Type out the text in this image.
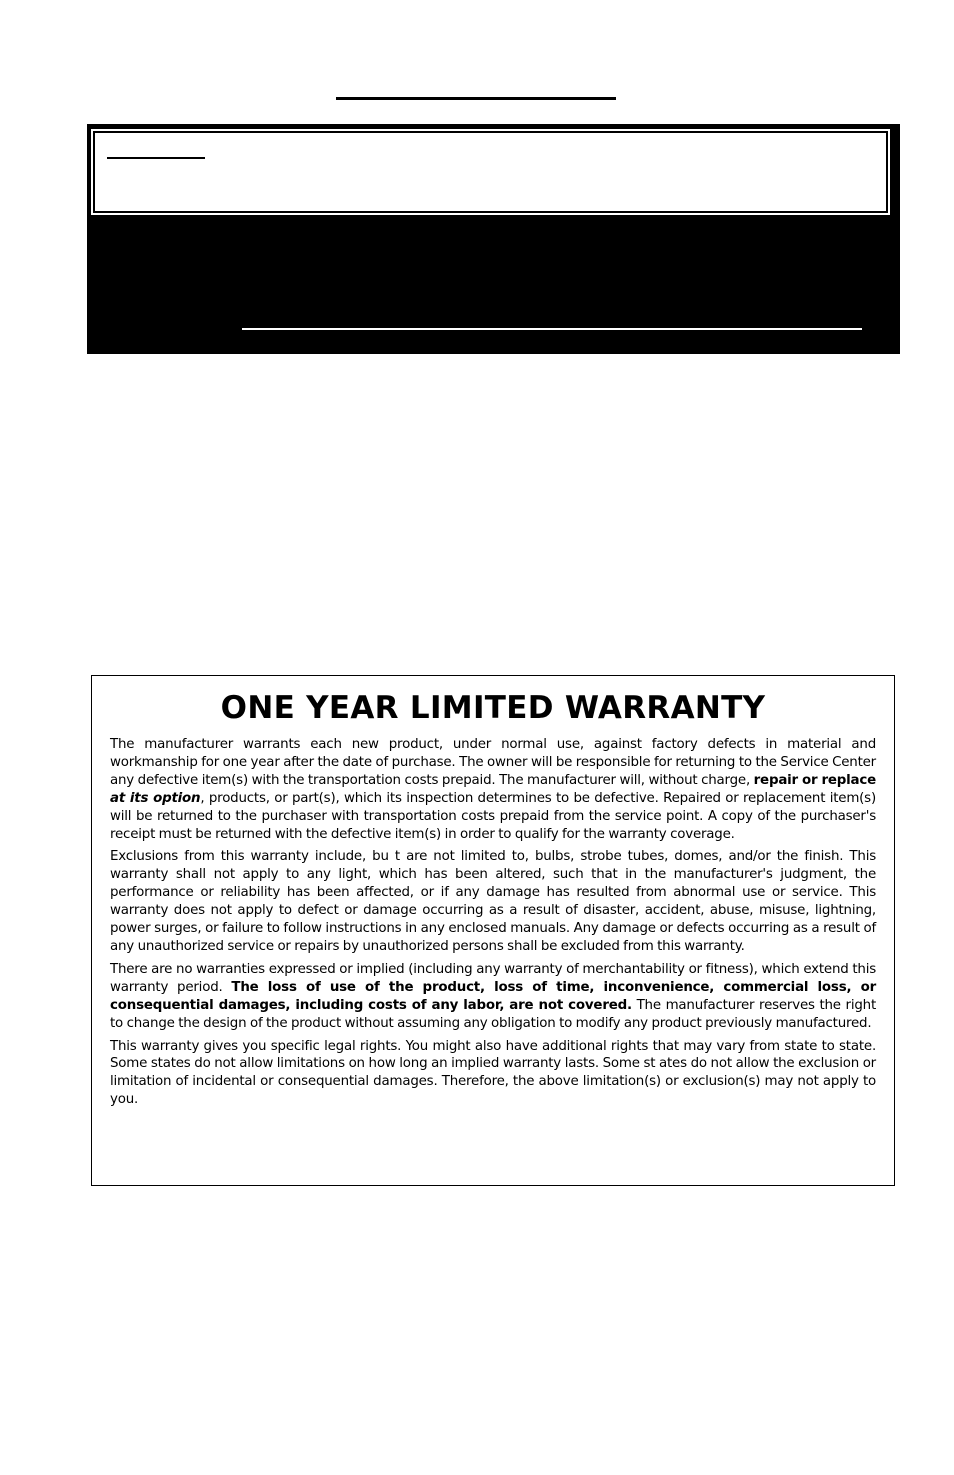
ONE YEAR LIMITED WARRANTY

The manufacturer warrants each new product, under normal use, against factory defects in material and workmanship for one year after the date of purchase. The owner will be responsible for returning to the Service Center any defective item(s) with the transportation costs prepaid. The manufacturer will, without charge, repair or replace at its option, products, or part(s), which its inspection determines to be defective. Repaired or replacement item(s) will be returned to the purchaser with transportation costs prepaid from the service point. A copy of the purchaser's receipt must be returned with the defective item(s) in order to qualify for the warranty coverage.

Exclusions from this warranty include, bu t are not limited to, bulbs, strobe tubes, domes, and/or the finish. This warranty shall not apply to any light, which has been altered, such that in the manufacturer's judgment, the performance or reliability has been affected, or if any damage has resulted from abnormal use or service. This warranty does not apply to defect or damage occurring as a result of disaster, accident, abuse, misuse, lightning, power surges, or failure to follow instructions in any enclosed manuals. Any damage or defects occurring as a result of any unauthorized service or repairs by unauthorized persons shall be excluded from this warranty.

There are no warranties expressed or implied (including any warranty of merchantability or fitness), which extend this warranty period. The loss of use of the product, loss of time, inconvenience, commercial loss, or consequential damages, including costs of any labor, are not covered. The manufacturer reserves the right to change the design of the product without assuming any obligation to modify any product previously manufactured.

This warranty gives you specific legal rights. You might also have additional rights that may vary from state to state. Some states do not allow limitations on how long an implied warranty lasts. Some st ates do not allow the exclusion or limitation of incidental or consequential damages. Therefore, the above limitation(s) or exclusion(s) may not apply to you.
